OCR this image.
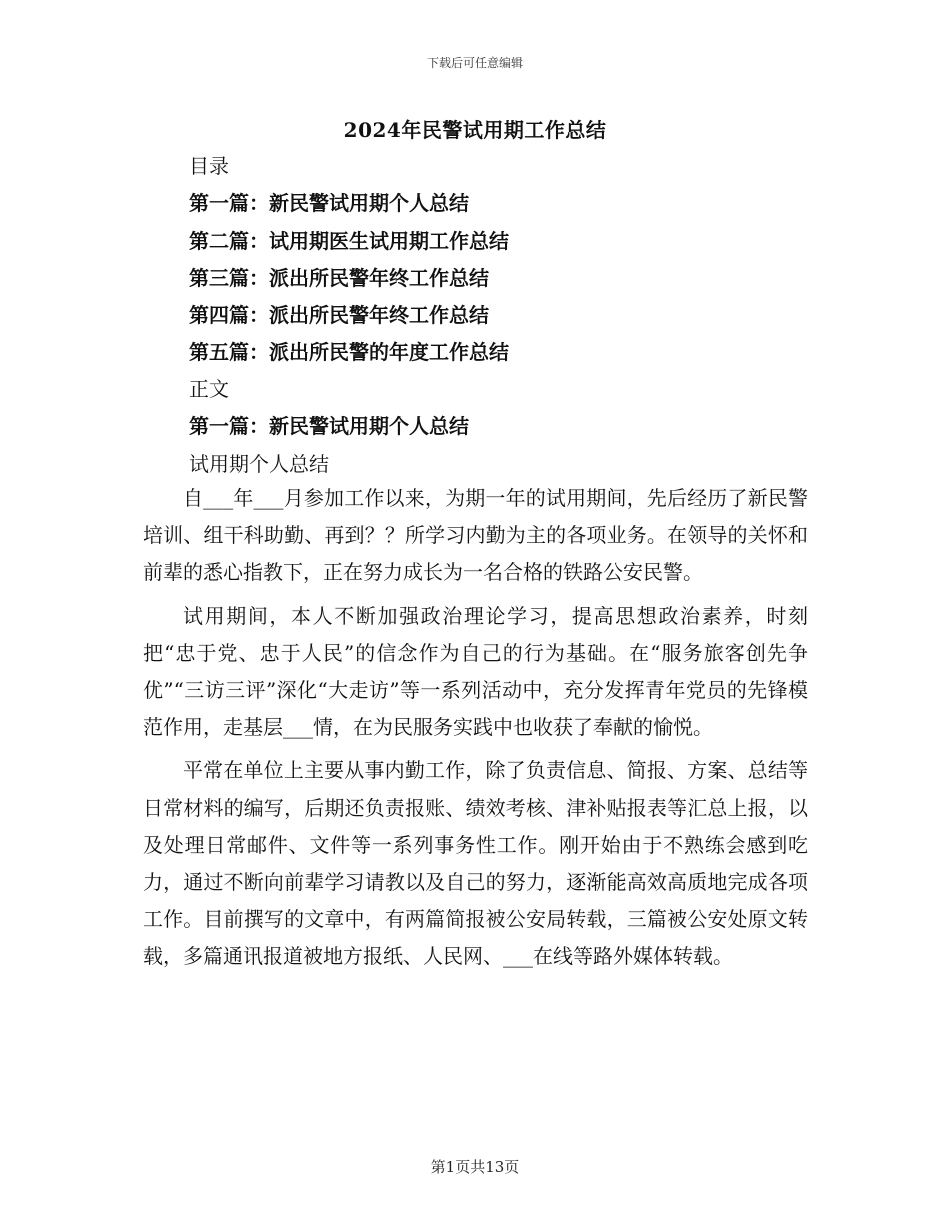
下载后可任意编辑
2024年民警试用期工作总结
目录
第一篇：新民警试用期个人总结
第二篇：试用期医生试用期工作总结
第三篇：派出所民警年终工作总结
第四篇：派出所民警年终工作总结
第五篇：派出所民警的年度工作总结
正文
第一篇：新民警试用期个人总结
试用期个人总结

自___年___月参加工作以来，为期一年的试用期间，先后经历了新民警培训、组干科助勤、再到？？所学习内勤为主的各项业务。在领导的关怀和前辈的悉心指教下，正在努力成长为一名合格的铁路公安民警。

试用期间，本人不断加强政治理论学习，提高思想政治素养，时刻把“忠于党、忠于人民”的信念作为自己的行为基础。在“服务旅客创先争优”“三访三评”深化“大走访”等一系列活动中，充分发挥青年党员的先锋模范作用，走基层___情，在为民服务实践中也收获了奉献的愉悦。

平常在单位上主要从事内勤工作，除了负责信息、简报、方案、总结等日常材料的编写，后期还负责报账、绩效考核、津补贴报表等汇总上报，以及处理日常邮件、文件等一系列事务性工作。刚开始由于不熟练会感到吃力，通过不断向前辈学习请教以及自己的努力，逐渐能高效高质地完成各项工作。目前撰写的文章中，有两篇简报被公安局转载，三篇被公安处原文转载，多篇通讯报道被地方报纸、人民网、___在线等路外媒体转载。

第1页共13页
